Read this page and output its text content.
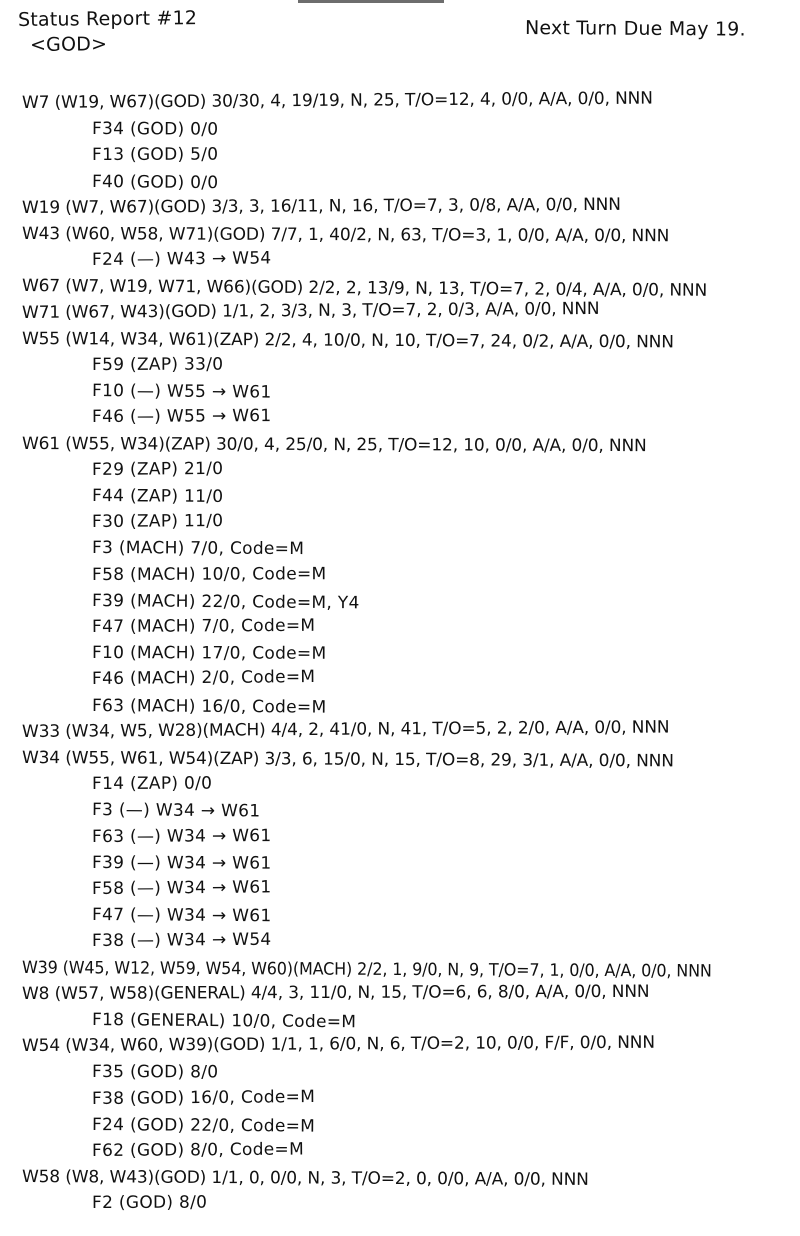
Status Report #12
<GOD>
Next Turn Due May 19.
W7 (W19, W67)(GOD) 30/30, 4, 19/19, N, 25, T/O=12, 4, 0/0, A/A, 0/0, NNN
F34 (GOD) 0/0
F13 (GOD) 5/0
F40 (GOD) 0/0
W19 (W7, W67)(GOD) 3/3, 3, 16/11, N, 16, T/O=7, 3, 0/8, A/A, 0/0, NNN
W43 (W60, W58, W71)(GOD) 7/7, 1, 40/2, N, 63, T/O=3, 1, 0/0, A/A, 0/0, NNN
F24 (—) W43 → W54
W67 (W7, W19, W71, W66)(GOD) 2/2, 2, 13/9, N, 13, T/O=7, 2, 0/4, A/A, 0/0, NNN
W71 (W67, W43)(GOD) 1/1, 2, 3/3, N, 3, T/O=7, 2, 0/3, A/A, 0/0, NNN
W55 (W14, W34, W61)(ZAP) 2/2, 4, 10/0, N, 10, T/O=7, 24, 0/2, A/A, 0/0, NNN
F59 (ZAP) 33/0
F10 (—) W55 → W61
F46 (—) W55 → W61
W61 (W55, W34)(ZAP) 30/0, 4, 25/0, N, 25, T/O=12, 10, 0/0, A/A, 0/0, NNN
F29 (ZAP) 21/0
F44 (ZAP) 11/0
F30 (ZAP) 11/0
F3 (MACH) 7/0, Code=M
F58 (MACH) 10/0, Code=M
F39 (MACH) 22/0, Code=M, Y4
F47 (MACH) 7/0, Code=M
F10 (MACH) 17/0, Code=M
F46 (MACH) 2/0, Code=M
F63 (MACH) 16/0, Code=M
W33 (W34, W5, W28)(MACH) 4/4, 2, 41/0, N, 41, T/O=5, 2, 2/0, A/A, 0/0, NNN
W34 (W55, W61, W54)(ZAP) 3/3, 6, 15/0, N, 15, T/O=8, 29, 3/1, A/A, 0/0, NNN
F14 (ZAP) 0/0
F3 (—) W34 → W61
F63 (—) W34 → W61
F39 (—) W34 → W61
F58 (—) W34 → W61
F47 (—) W34 → W61
F38 (—) W34 → W54
W39 (W45, W12, W59, W54, W60)(MACH) 2/2, 1, 9/0, N, 9, T/O=7, 1, 0/0, A/A, 0/0, NNN
W8 (W57, W58)(GENERAL) 4/4, 3, 11/0, N, 15, T/O=6, 6, 8/0, A/A, 0/0, NNN
F18 (GENERAL) 10/0, Code=M
W54 (W34, W60, W39)(GOD) 1/1, 1, 6/0, N, 6, T/O=2, 10, 0/0, F/F, 0/0, NNN
F35 (GOD) 8/0
F38 (GOD) 16/0, Code=M
F24 (GOD) 22/0, Code=M
F62 (GOD) 8/0, Code=M
W58 (W8, W43)(GOD) 1/1, 0, 0/0, N, 3, T/O=2, 0, 0/0, A/A, 0/0, NNN
F2 (GOD) 8/0
